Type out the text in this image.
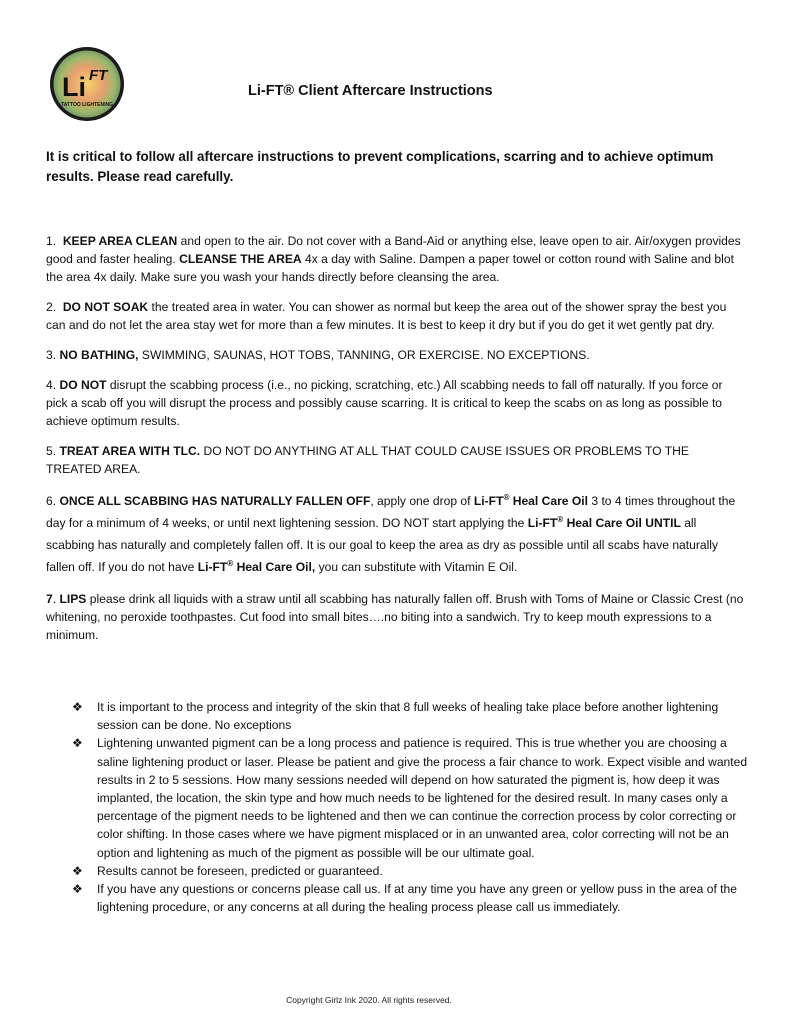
Li FT
TATTOO LIGHTENING
Li-FT® Client Aftercare Instructions
It is critical to follow all aftercare instructions to prevent complications, scarring and to achieve optimum results. Please read carefully.

1. KEEP AREA CLEAN and open to the air. Do not cover with a Band-Aid or anything else, leave open to air. Air/oxygen provides good and faster healing. CLEANSE THE AREA 4x a day with Saline. Dampen a paper towel or cotton round with Saline and blot the area 4x daily. Make sure you wash your hands directly before cleansing the area.

2. DO NOT SOAK the treated area in water. You can shower as normal but keep the area out of the shower spray the best you can and do not let the area stay wet for more than a few minutes. It is best to keep it dry but if you do get it wet gently pat dry.

3. NO BATHING, SWIMMING, SAUNAS, HOT TOBS, TANNING, OR EXERCISE. NO EXCEPTIONS.

4. DO NOT disrupt the scabbing process (i.e., no picking, scratching, etc.) All scabbing needs to fall off naturally. If you force or pick a scab off you will disrupt the process and possibly cause scarring. It is critical to keep the scabs on as long as possible to achieve optimum results.

5. TREAT AREA WITH TLC. DO NOT DO ANYTHING AT ALL THAT COULD CAUSE ISSUES OR PROBLEMS TO THE TREATED AREA.

6. ONCE ALL SCABBING HAS NATURALLY FALLEN OFF, apply one drop of Li-FT® Heal Care Oil 3 to 4 times throughout the day for a minimum of 4 weeks, or until next lightening session. DO NOT start applying the Li-FT® Heal Care Oil UNTIL all scabbing has naturally and completely fallen off. It is our goal to keep the area as dry as possible until all scabs have naturally fallen off. If you do not have Li-FT® Heal Care Oil, you can substitute with Vitamin E Oil.

7. LIPS please drink all liquids with a straw until all scabbing has naturally fallen off. Brush with Toms of Maine or Classic Crest (no whitening, no peroxide toothpastes. Cut food into small bites….no biting into a sandwich. Try to keep mouth expressions to a minimum.

❖ It is important to the process and integrity of the skin that 8 full weeks of healing take place before another lightening session can be done. No exceptions
❖ Lightening unwanted pigment can be a long process and patience is required. This is true whether you are choosing a saline lightening product or laser. Please be patient and give the process a fair chance to work. Expect visible and wanted results in 2 to 5 sessions. How many sessions needed will depend on how saturated the pigment is, how deep it was implanted, the location, the skin type and how much needs to be lightened for the desired result. In many cases only a percentage of the pigment needs to be lightened and then we can continue the correction process by color correcting or color shifting. In those cases where we have pigment misplaced or in an unwanted area, color correcting will not be an option and lightening as much of the pigment as possible will be our ultimate goal.
❖ Results cannot be foreseen, predicted or guaranteed.
❖ If you have any questions or concerns please call us. If at any time you have any green or yellow puss in the area of the lightening procedure, or any concerns at all during the healing process please call us immediately.
Copyright Girlz Ink 2020. All rights reserved.
